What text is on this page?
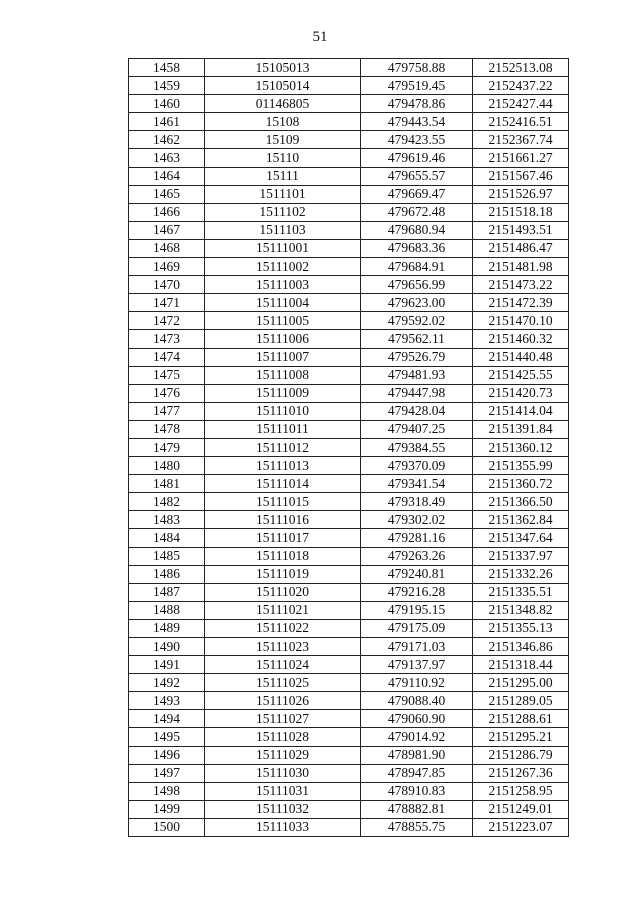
51
1458	15105013	479758.88	2152513.08
1459	15105014	479519.45	2152437.22
1460	01146805	479478.86	2152427.44
1461	15108	479443.54	2152416.51
1462	15109	479423.55	2152367.74
1463	15110	479619.46	2151661.27
1464	15111	479655.57	2151567.46
1465	1511101	479669.47	2151526.97
1466	1511102	479672.48	2151518.18
1467	1511103	479680.94	2151493.51
1468	15111001	479683.36	2151486.47
1469	15111002	479684.91	2151481.98
1470	15111003	479656.99	2151473.22
1471	15111004	479623.00	2151472.39
1472	15111005	479592.02	2151470.10
1473	15111006	479562.11	2151460.32
1474	15111007	479526.79	2151440.48
1475	15111008	479481.93	2151425.55
1476	15111009	479447.98	2151420.73
1477	15111010	479428.04	2151414.04
1478	15111011	479407.25	2151391.84
1479	15111012	479384.55	2151360.12
1480	15111013	479370.09	2151355.99
1481	15111014	479341.54	2151360.72
1482	15111015	479318.49	2151366.50
1483	15111016	479302.02	2151362.84
1484	15111017	479281.16	2151347.64
1485	15111018	479263.26	2151337.97
1486	15111019	479240.81	2151332.26
1487	15111020	479216.28	2151335.51
1488	15111021	479195.15	2151348.82
1489	15111022	479175.09	2151355.13
1490	15111023	479171.03	2151346.86
1491	15111024	479137.97	2151318.44
1492	15111025	479110.92	2151295.00
1493	15111026	479088.40	2151289.05
1494	15111027	479060.90	2151288.61
1495	15111028	479014.92	2151295.21
1496	15111029	478981.90	2151286.79
1497	15111030	478947.85	2151267.36
1498	15111031	478910.83	2151258.95
1499	15111032	478882.81	2151249.01
1500	15111033	478855.75	2151223.07
